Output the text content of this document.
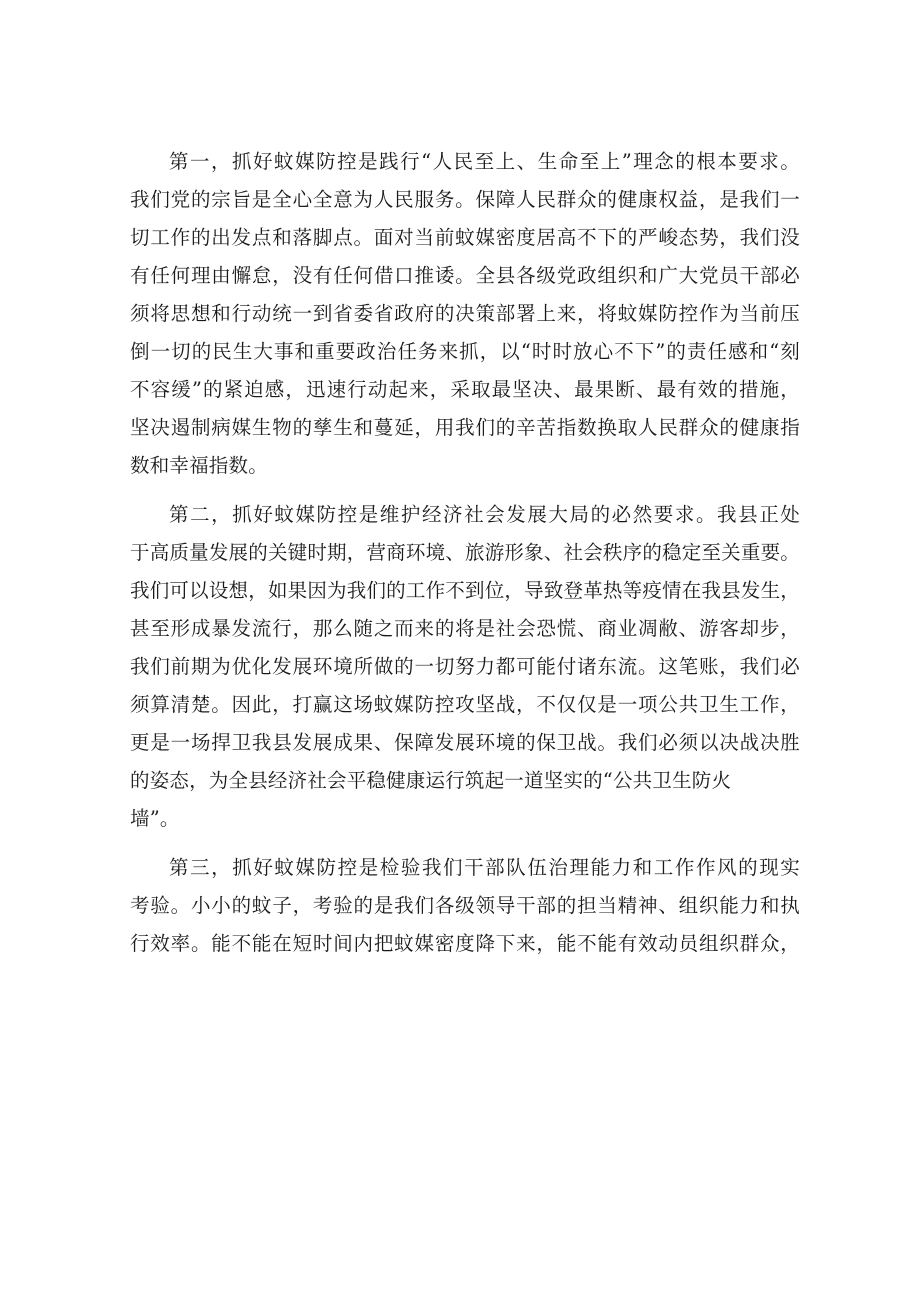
第一，抓好蚊媒防控是践行“人民至上、生命至上”理念的根本要求。
我们党的宗旨是全心全意为人民服务。保障人民群众的健康权益，是我们一
切工作的出发点和落脚点。面对当前蚊媒密度居高不下的严峻态势，我们没
有任何理由懈怠，没有任何借口推诿。全县各级党政组织和广大党员干部必
须将思想和行动统一到省委省政府的决策部署上来，将蚊媒防控作为当前压
倒一切的民生大事和重要政治任务来抓，以“时时放心不下”的责任感和“刻
不容缓”的紧迫感，迅速行动起来，采取最坚决、最果断、最有效的措施，
坚决遏制病媒生物的孳生和蔓延，用我们的辛苦指数换取人民群众的健康指
数和幸福指数。
第二，抓好蚊媒防控是维护经济社会发展大局的必然要求。我县正处
于高质量发展的关键时期，营商环境、旅游形象、社会秩序的稳定至关重要。
我们可以设想，如果因为我们的工作不到位，导致登革热等疫情在我县发生，
甚至形成暴发流行，那么随之而来的将是社会恐慌、商业凋敝、游客却步，
我们前期为优化发展环境所做的一切努力都可能付诸东流。这笔账，我们必
须算清楚。因此，打赢这场蚊媒防控攻坚战，不仅仅是一项公共卫生工作，
更是一场捍卫我县发展成果、保障发展环境的保卫战。我们必须以决战决胜
的姿态，为全县经济社会平稳健康运行筑起一道坚实的“公共卫生防火
墙”。
第三，抓好蚊媒防控是检验我们干部队伍治理能力和工作作风的现实
考验。小小的蚊子，考验的是我们各级领导干部的担当精神、组织能力和执
行效率。能不能在短时间内把蚊媒密度降下来，能不能有效动员组织群众，
